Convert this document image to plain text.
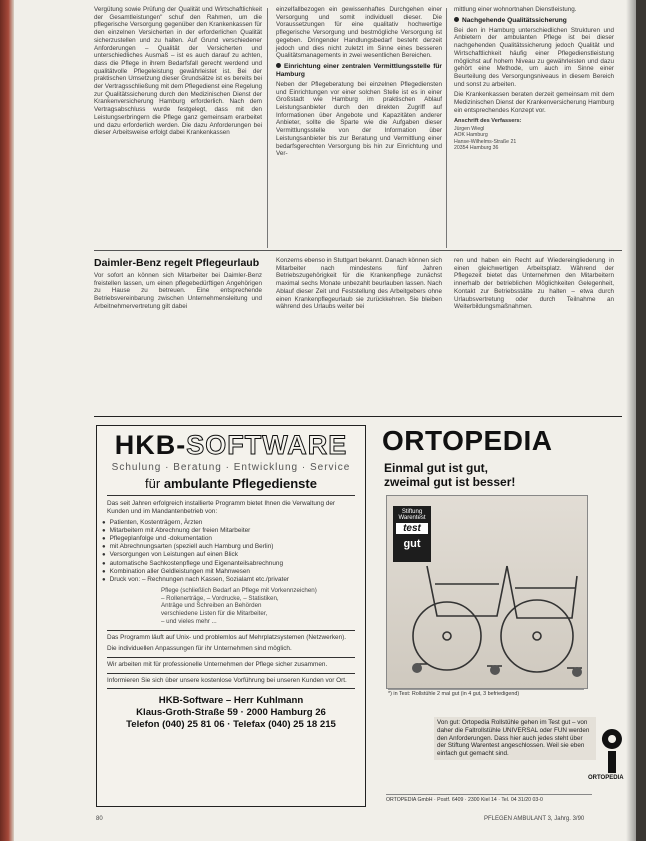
Vergütung sowie Prüfung der Qualität und Wirtschaftlichkeit der Gesamtleistungen" schuf den Rahmen, um die pflegerische Versorgung gegenüber den Krankenkassen für den einzelnen Versicherten in der erforderlichen Qualität sicherzustellen und zu halten. Auf Grund verschiedener Anforderungen – Qualität der Versicherten und unterschiedliches Ausmaß – ist es auch darauf zu achten, dass die Pflege in ihrem Bedarfsfall gerecht werdend und qualitätvolle Pflegeleistung gewährleistet ist. Bei der praktischen Umsetzung dieser Grundsätze ist es bereits bei der Vertragsschließung mit dem Pflegedienst eine Regelung zur Qualitätssicherung durch den Medizinischen Dienst der Krankenversicherung Hamburg erforderlich. Nach dem Vertragsabschluss wurde festgelegt, dass mit den Leistungserbringern die Pflege ganz gemeinsam erarbeitet und dazu erforderlich werden. Die dazu Anforderungen bei dieser Arbeitsweise erfolgt dabei Krankenkassen

einzelfallbezogen ein gewissenhaftes Durchgehen einer Versorgung und somit individuell dieser. Die Voraussetzungen für eine qualitativ hochwertige pflegerische Versorgung und bestmögliche Versorgung ist gegeben. Dringender Handlungsbedarf besteht derzeit jedoch und dies nicht zuletzt im Sinne eines besseren Qualitätsmanagements in zwei wesentlichen Bereichen.

Einrichtung einer zentralen Vermittlungsstelle für Hamburg

Neben der Pflegeberatung bei einzelnen Pflegediensten und Einrichtungen vor einer solchen Stelle ist es in einer Großstadt wie Hamburg im praktischen Ablauf Leistungsanbieter durch den direkten Zugriff auf Informationen über Angebote und Kapazitäten anderer Anbieter, sollte die Sparte wie die Aufgaben dieser Vermittlungsstelle von der Information über Leistungsanbieter bis zur Beratung und Vermittlung einer bedarfsgerechten Versorgung bis hin zur Einrichtung und Ver-

mittlung einer wohnortnahen Dienstleistung.

Nachgehende Qualitätssicherung

Bei den in Hamburg unterschiedlichen Strukturen und Anbietern der ambulanten Pflege ist bei dieser nachgehenden Qualitätssicherung jedoch Qualität und Wirtschaftlichkeit häufig einer Pflegedienstleistung möglichst auf hohem Niveau zu gewährleisten und dazu gehört eine Methode, um auch im Sinne einer Beurteilung des Versorgungsniveaus in diesem Bereich und sonst zu arbeiten.

Die Krankenkassen beraten derzeit gemeinsam mit dem Medizinischen Dienst der Krankenversicherung Hamburg ein entsprechendes Konzept vor.

Anschrift des Verfassers:
Jürgen Wiegl
AOK Hamburg
Hanse-Wilhelms-Straße 21
20354 Hamburg 36
Daimler-Benz regelt Pflegeurlaub

Vor sofort an können sich Mitarbeiter bei Daimler-Benz freistellen lassen, um einen pflegebedürftigen Angehörigen zu Hause zu betreuen. Eine entsprechende Betriebsvereinbarung zwischen Unternehmensleitung und Arbeitnehmervertretung gilt dabei

Konzerns ebenso in Stuttgart bekannt. Danach können sich Mitarbeiter nach mindestens fünf Jahren Betriebszugehörigkeit für die Krankenpflege zunächst maximal sechs Monate unbezahlt beurlauben lassen. Nach Ablauf dieser Zeit und Feststellung des Arbeitgebers ohne einen Krankenpflegeurlaub sie zurückkehren. Sie bleiben während des Urlaubs weiter bei

ren und haben ein Recht auf Wiedereingliederung in einen gleichwertigen Arbeitsplatz. Während der Pflegezeit bietet das Unternehmen den Mitarbeitern innerhalb der betrieblichen Möglichkeiten Gelegenheit, Kontakt zur Betriebsstätte zu halten – etwa durch Urlaubsvertretung oder durch Teilnahme an Weiterbildungsmaßnahmen.

HKB-SOFTWARE
Schulung · Beratung · Entwicklung · Service
für ambulante Pflegedienste
Das seit Jahren erfolgreich installierte Programm bietet Ihnen die Verwaltung der Kunden und im Mandantenbetrieb von:
● Patienten, Kostenträgern, Ärzten
● Mitarbeitern mit Abrechnung der freien Mitarbeiter
● Pflegeplanfolge und -dokumentation
● mit Abrechnungsarten (speziell auch Hamburg und Berlin)
● Versorgungen von Leistungen auf einen Blick
● automatische Sachkostenpflege und Eigenanteilsabrechnung
● Kombination aller Geldleistungen mit Mahnwesen
● Druck von: – Rechnungen nach Kassen, Sozialamt etc./privater
Pflege (schließlich Bedarf an Pflege mit Vorkennzeichen)
– Rollenerträge, – Vordrucke, – Statistiken,
Anträge und Schreiben an Behörden
verschiedene Listen für die Mitarbeiter,
– und vieles mehr ...
Das Programm läuft auf Unix- und problemlos auf Mehrplatzsystemen (Netzwerken).
Die individuellen Anpassungen für ihr Unternehmen sind möglich.
Wir arbeiten mit für professionelle Unternehmen der Pflege sicher zusammen.
Informieren Sie sich über unsere kostenlose Vorführung bei unseren Kunden vor Ort.
HKB-Software – Herr Kuhlmann
Klaus-Groth-Straße 59 · 2000 Hamburg 26
Telefon (040) 25 81 06 · Telefax (040) 25 18 215
ORTOPEDIA
Einmal gut ist gut,
zweimal gut ist besser!
Stiftung Warentest
test
gut
*) in Test: Rollstühle 2 mal gut (in 4 gut, 3 befriedigend)
Von gut: Ortopedia Rollstühle gehen im Test gut – von daher die Faltrollstühle UNIVERSAL oder FUN werden den Anforderungen. Dass hier auch jedes steht über der Stiftung Warentest angeschlossen. Weil sie eben einfach gut gemacht sind.
ORTOPEDIA
ORTOPEDIA GmbH · Postf. 6409 · 2300 Kiel 14 · Tel. 04 31/20 03-0
80	PFLEGEN AMBULANT 3, Jahrg. 3/90
